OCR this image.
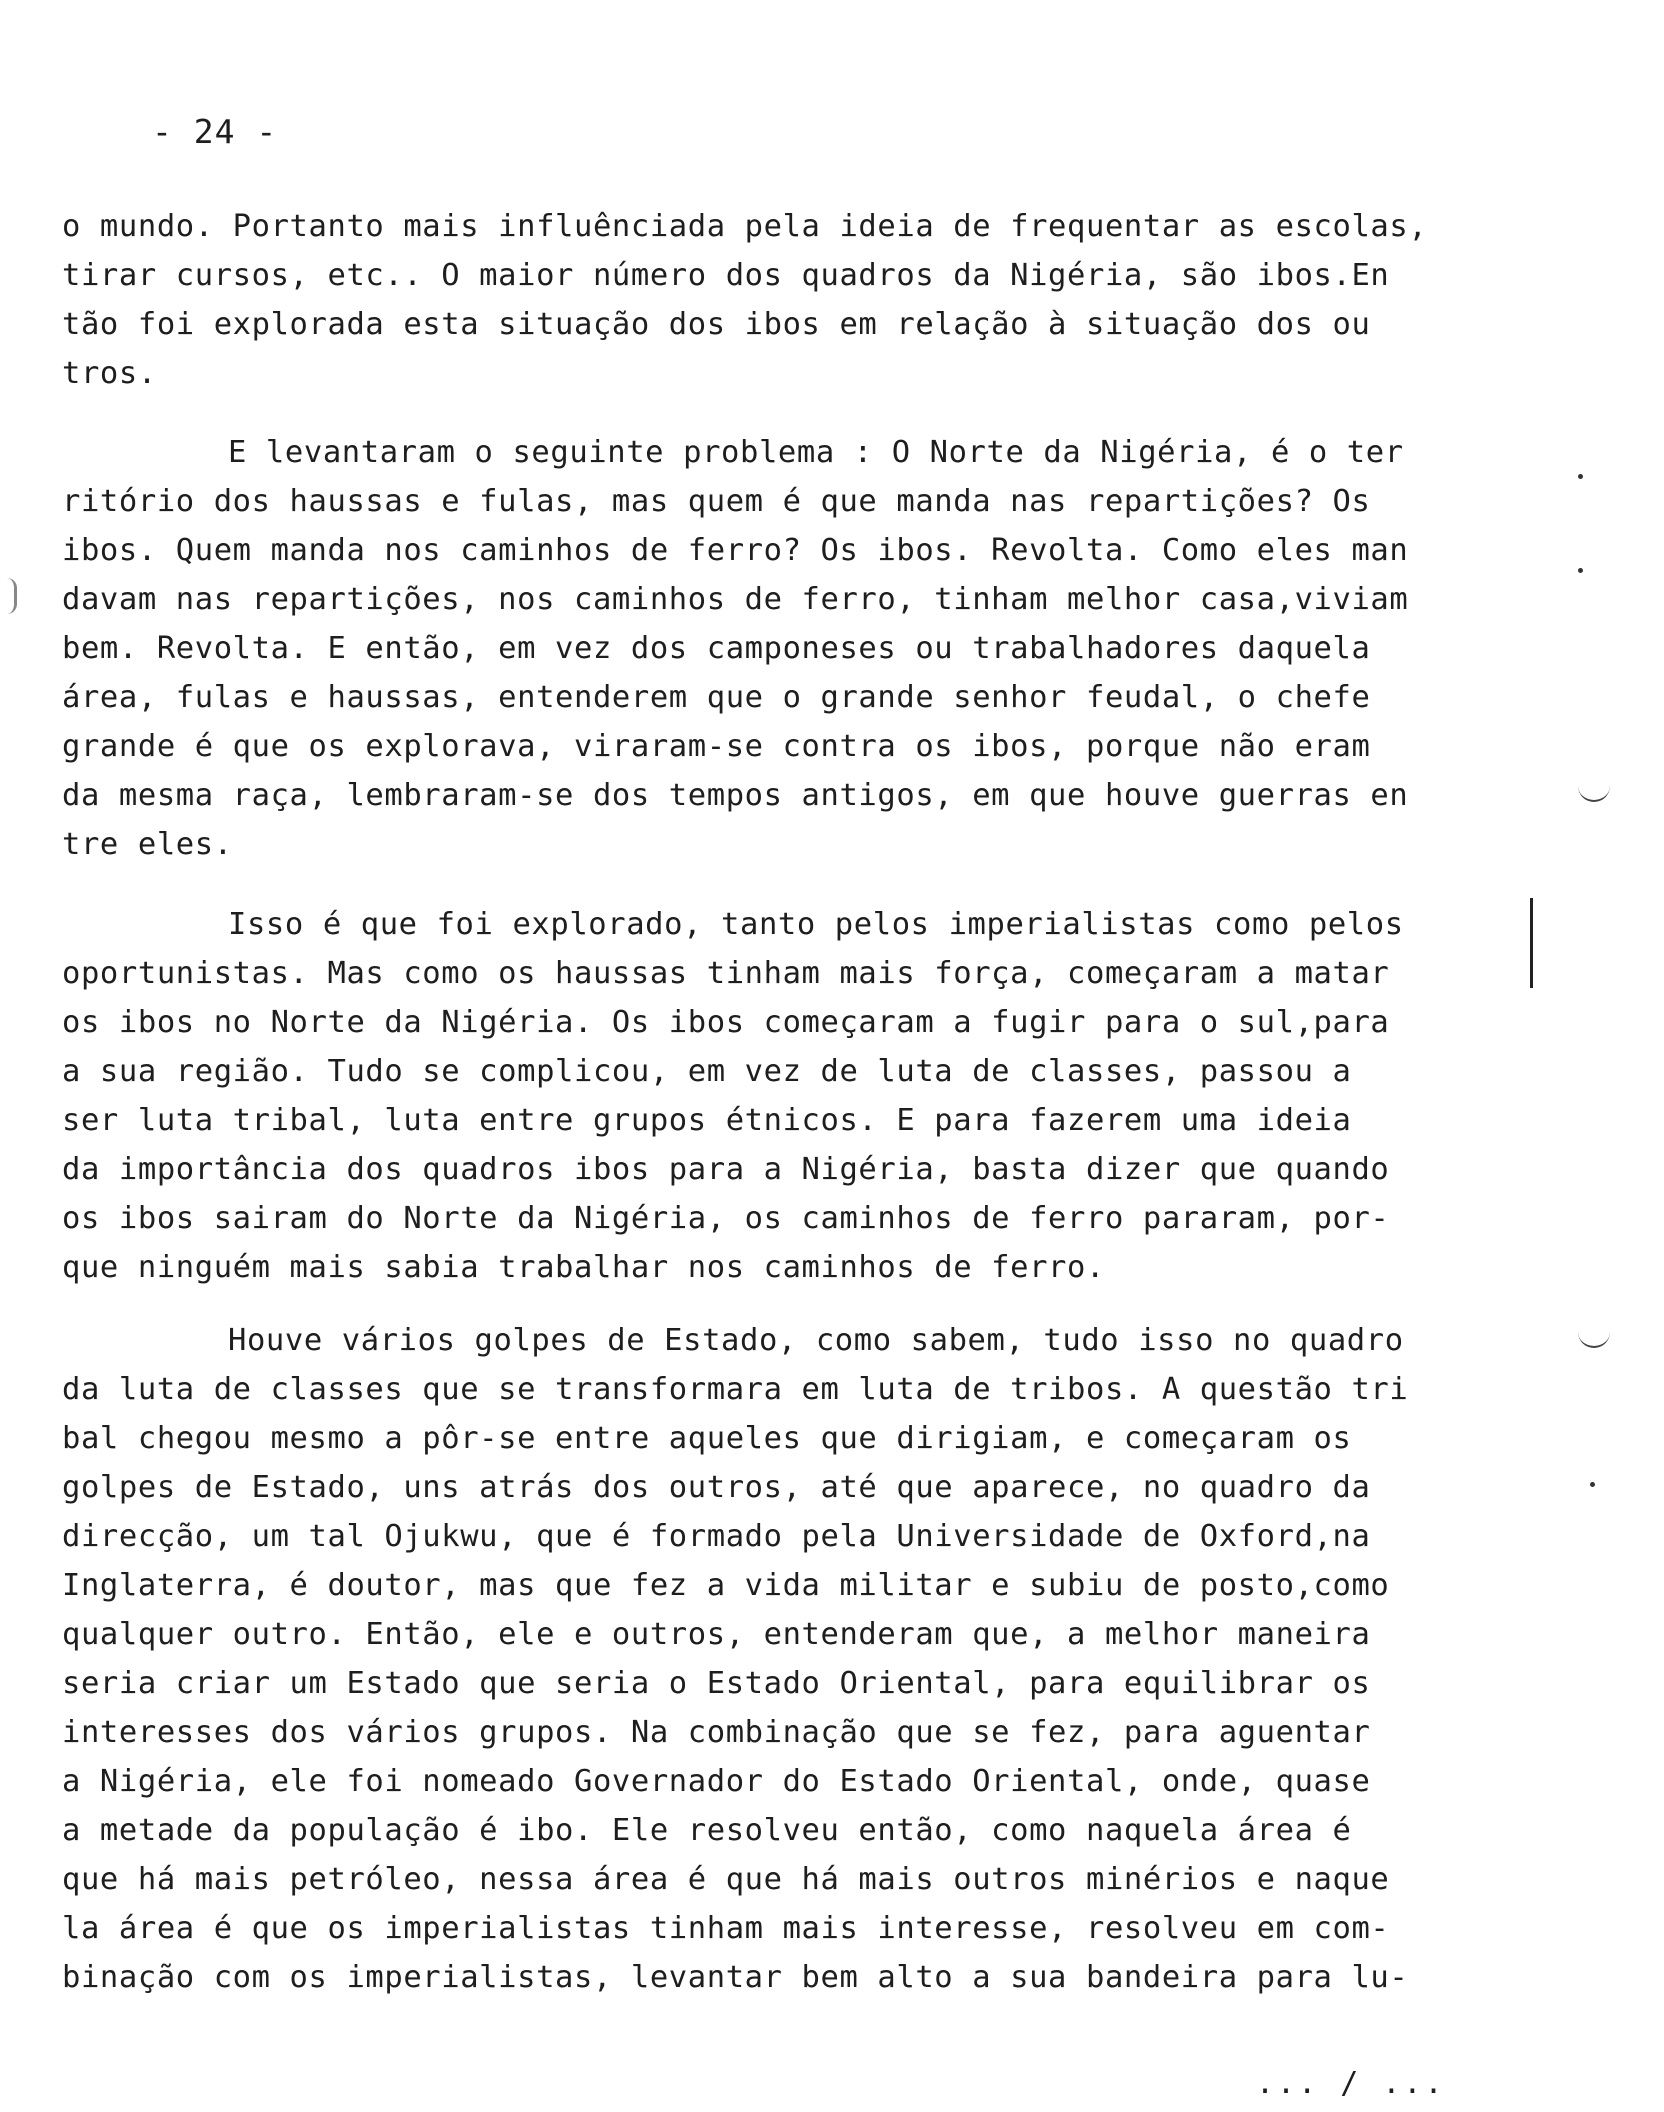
- 24 -
o mundo. Portanto mais influênciada pela ideia de frequentar as escolas,
tirar cursos, etc.. O maior número dos quadros da Nigéria, são ibos.En
tão foi explorada esta situação dos ibos em relação à situação dos ou
tros.
E levantaram o seguinte problema : O Norte da Nigéria, é o ter
ritório dos haussas e fulas, mas quem é que manda nas repartições? Os
ibos. Quem manda nos caminhos de ferro? Os ibos. Revolta. Como eles man
davam nas repartições, nos caminhos de ferro, tinham melhor casa,viviam
bem. Revolta. E então, em vez dos camponeses ou trabalhadores daquela
área, fulas e haussas, entenderem que o grande senhor feudal, o chefe
grande é que os explorava, viraram-se contra os ibos, porque não eram
da mesma raça, lembraram-se dos tempos antigos, em que houve guerras en
tre eles.
Isso é que foi explorado, tanto pelos imperialistas como pelos
oportunistas. Mas como os haussas tinham mais força, começaram a matar
os ibos no Norte da Nigéria. Os ibos começaram a fugir para o sul,para
a sua região. Tudo se complicou, em vez de luta de classes, passou a
ser luta tribal, luta entre grupos étnicos. E para fazerem uma ideia
da importância dos quadros ibos para a Nigéria, basta dizer que quando
os ibos sairam do Norte da Nigéria, os caminhos de ferro pararam, por-
que ninguém mais sabia trabalhar nos caminhos de ferro.
Houve vários golpes de Estado, como sabem, tudo isso no quadro
da luta de classes que se transformara em luta de tribos. A questão tri
bal chegou mesmo a pôr-se entre aqueles que dirigiam, e começaram os
golpes de Estado, uns atrás dos outros, até que aparece, no quadro da
direcção, um tal Ojukwu, que é formado pela Universidade de Oxford,na
Inglaterra, é doutor, mas que fez a vida militar e subiu de posto,como
qualquer outro. Então, ele e outros, entenderam que, a melhor maneira
seria criar um Estado que seria o Estado Oriental, para equilibrar os
interesses dos vários grupos. Na combinação que se fez, para aguentar
a Nigéria, ele foi nomeado Governador do Estado Oriental, onde, quase
a metade da população é ibo. Ele resolveu então, como naquela área é
que há mais petróleo, nessa área é que há mais outros minérios e naque
la área é que os imperialistas tinham mais interesse, resolveu em com-
binação com os imperialistas, levantar bem alto a sua bandeira para lu-
... / ...
